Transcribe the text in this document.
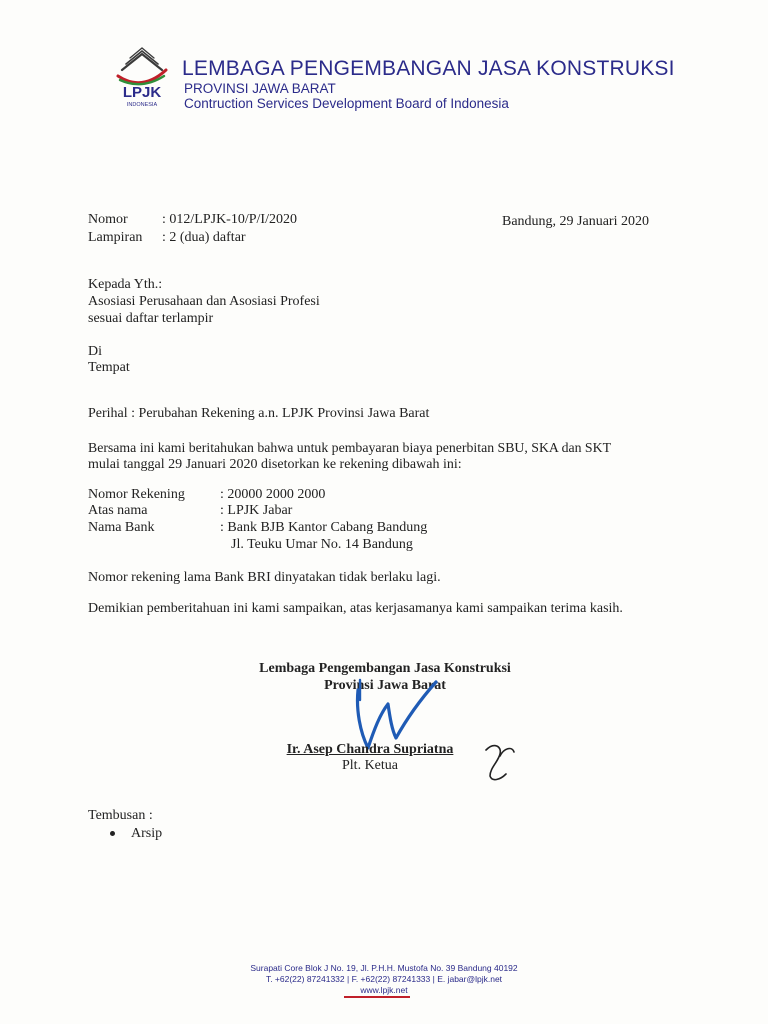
LPJK
INDONESIA
LEMBAGA PENGEMBANGAN JASA KONSTRUKSI
PROVINSI JAWA BARAT
Contruction Services Development Board of Indonesia
Nomor : 012/LPJK-10/P/I/2020
Lampiran : 2 (dua) daftar
Bandung, 29 Januari 2020
Kepada Yth.:
Asosiasi Perusahaan dan Asosiasi Profesi
sesuai daftar terlampir
Di
Tempat
Perihal : Perubahan Rekening a.n. LPJK Provinsi Jawa Barat
Bersama ini kami beritahukan bahwa untuk pembayaran biaya penerbitan SBU, SKA dan SKT
mulai tanggal 29 Januari 2020 disetorkan ke rekening dibawah ini:
Nomor Rekening	: 20000 2000 2000
Atas nama	: LPJK Jabar
Nama Bank	: Bank BJB Kantor Cabang Bandung
Jl. Teuku Umar No. 14 Bandung
Nomor rekening lama Bank BRI dinyatakan tidak berlaku lagi.
Demikian pemberitahuan ini kami sampaikan, atas kerjasamanya kami sampaikan terima kasih.
Lembaga Pengembangan Jasa Konstruksi
Provinsi Jawa Barat
Ir. Asep Chandra Supriatna
Plt. Ketua
Tembusan :
Arsip
Surapati Core Blok J No. 19, Jl. P.H.H. Mustofa No. 39 Bandung 40192
T. +62(22) 87241332 | F. +62(22) 87241333 | E. jabar@lpjk.net
www.lpjk.net
